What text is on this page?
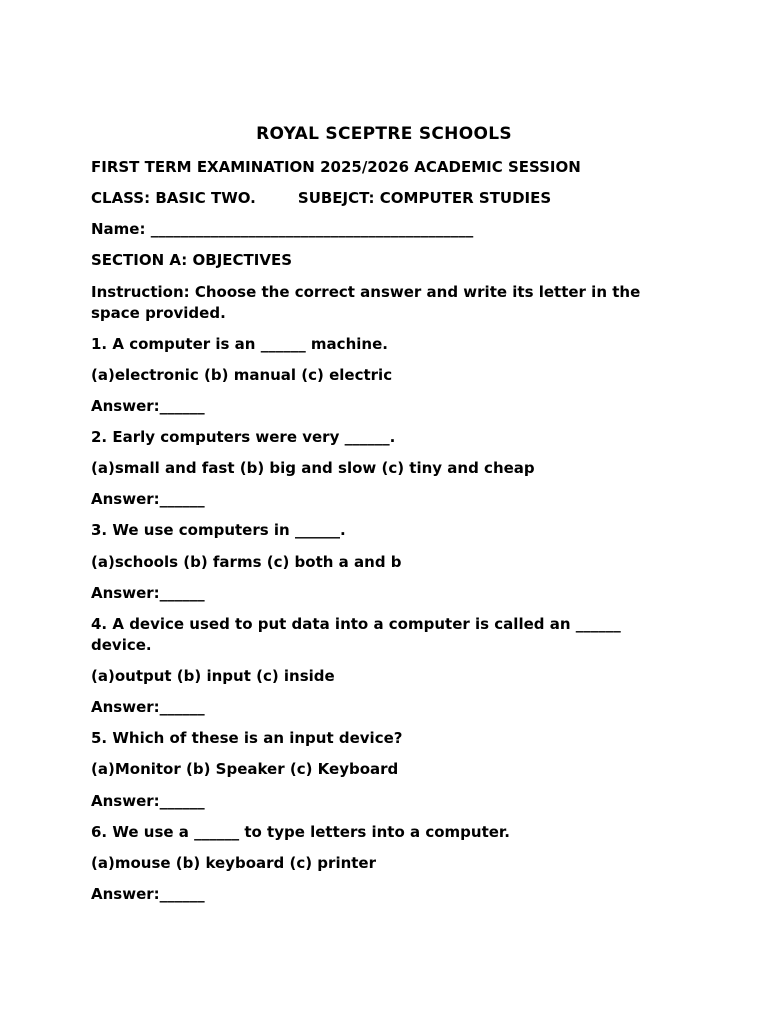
ROYAL SCEPTRE SCHOOLS
FIRST TERM EXAMINATION 2025/2026 ACADEMIC SESSION
CLASS: BASIC TWO.	SUBEJCT: COMPUTER STUDIES
Name: ___________________________________________
SECTION A: OBJECTIVES
Instruction: Choose the correct answer and write its letter in the space provided.
1. A computer is an ______ machine.
(a)electronic (b) manual (c) electric
Answer:______
2. Early computers were very ______.
(a)small and fast (b) big and slow (c) tiny and cheap
Answer:______
3. We use computers in ______.
(a)schools (b) farms (c) both a and b
Answer:______
4. A device used to put data into a computer is called an ______ device.
(a)output (b) input (c) inside
Answer:______
5. Which of these is an input device?
(a)Monitor (b) Speaker (c) Keyboard
Answer:______
6. We use a ______ to type letters into a computer.
(a)mouse (b) keyboard (c) printer
Answer:______
